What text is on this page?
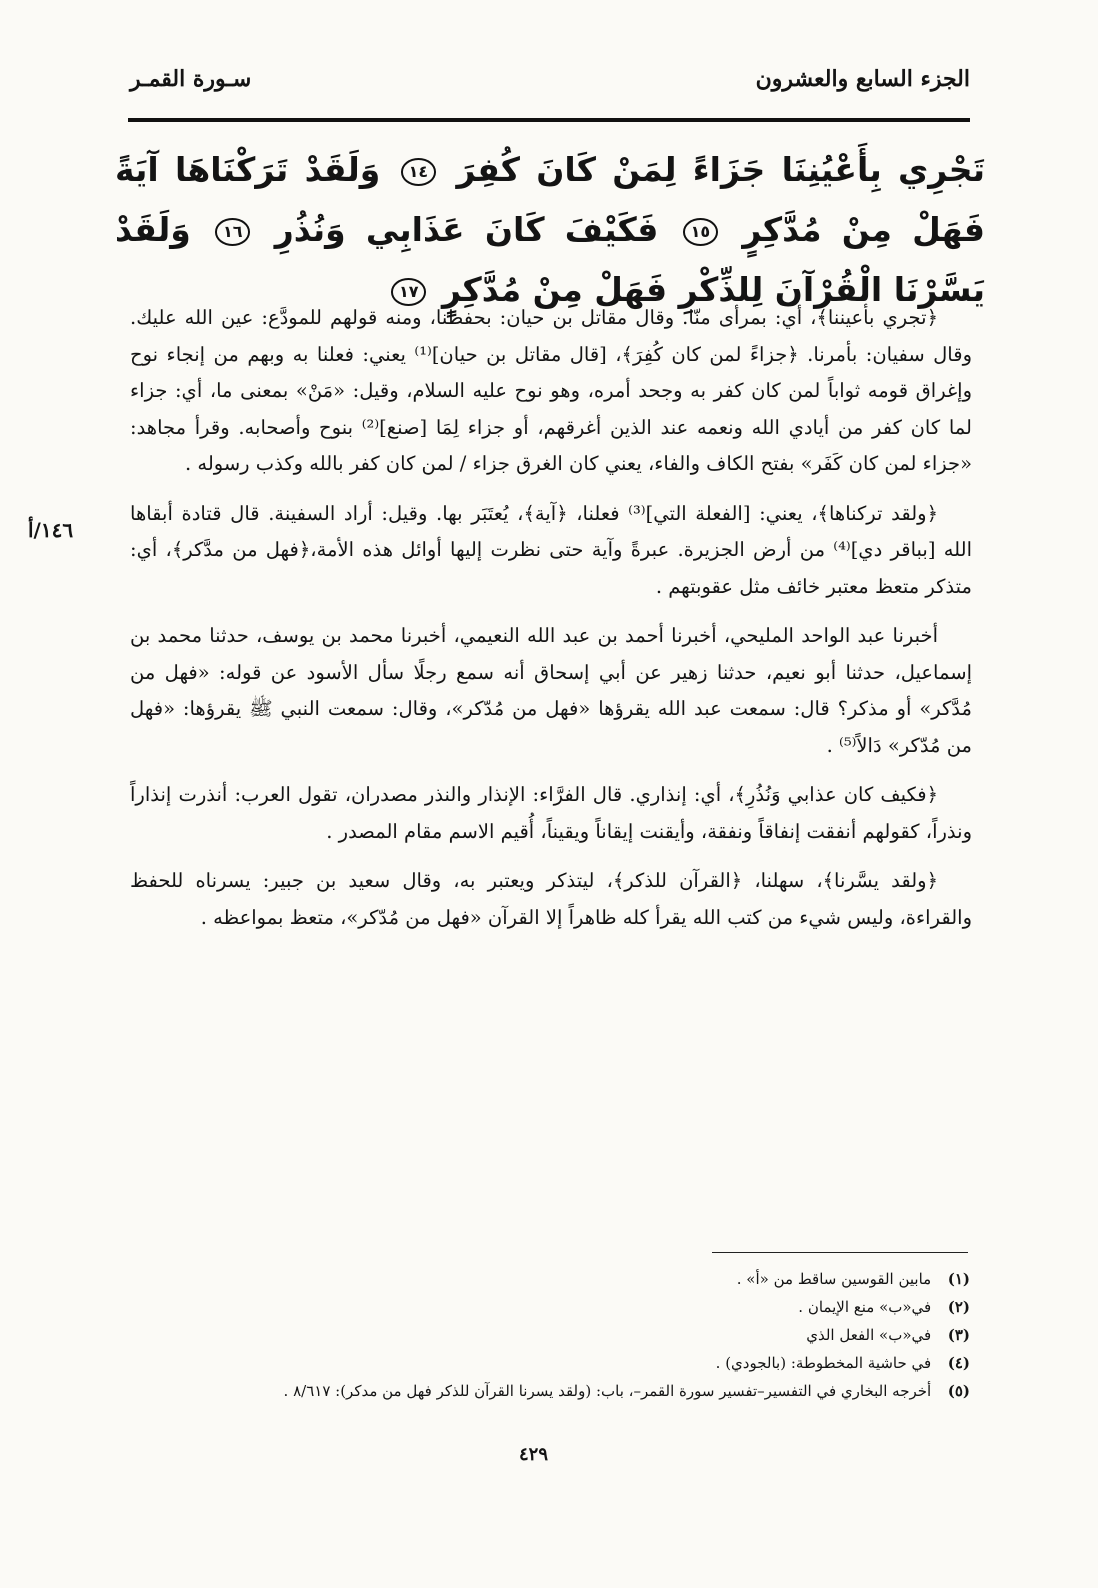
الجزء السابع والعشرون
سـورة القمـر
تَجْرِي بِأَعْيُنِنَا جَزَاءً لِمَنْ كَانَ كُفِرَ ١٤ وَلَقَدْ تَرَكْنَاهَا آيَةً فَهَلْ مِنْ مُدَّكِرٍ ١٥ فَكَيْفَ كَانَ عَذَابِي وَنُذُرِ ١٦ وَلَقَدْ يَسَّرْنَا الْقُرْآنَ لِلذِّكْرِ فَهَلْ مِنْ مُدَّكِرٍ ١٧

﴿تجري بأعيننا﴾، أي: بمرأى منّا. وقال مقاتل بن حيان: بحفظنا، ومنه قولهم للمودَّع: عين الله عليك. وقال سفيان: بأمرنا. ﴿جزاءً لمن كان كُفِرَ﴾، [قال مقاتل بن حيان]⁽¹⁾ يعني: فعلنا به وبهم من إنجاء نوح وإغراق قومه ثواباً لمن كان كفر به وجحد أمره، وهو نوح عليه السلام، وقيل: «مَنْ» بمعنى ما، أي: جزاء لما كان كفر من أيادي الله ونعمه عند الذين أغرقهم، أو جزاء لِمَا [صنع]⁽²⁾ بنوح وأصحابه. وقرأ مجاهد: «جزاء لمن كان كَفَر» بفتح الكاف والفاء، يعني كان الغرق جزاء / لمن كان كفر بالله وكذب رسوله .

﴿ولقد تركناها﴾، يعني: [الفعلة التي]⁽³⁾ فعلنا، ﴿آية﴾، يُعتَبَر بها. وقيل: أراد السفينة. قال قتادة أبقاها الله [بباقر دي]⁽⁴⁾ من أرض الجزيرة. عبرةً وآية حتى نظرت إليها أوائل هذه الأمة،﴿فهل من مدَّكر﴾، أي: متذكر متعظ معتبر خائف مثل عقوبتهم .

أخبرنا عبد الواحد المليحي، أخبرنا أحمد بن عبد الله النعيمي، أخبرنا محمد بن يوسف، حدثنا محمد بن إسماعيل، حدثنا أبو نعيم، حدثنا زهير عن أبي إسحاق أنه سمع رجلًا سأل الأسود عن قوله: «فهل من مُدَّكر» أو مذكر؟ قال: سمعت عبد الله يقرؤها «فهل من مُدّكر»، وقال: سمعت النبي ﷺ يقرؤها: «فهل من مُدّكر» دَالاً⁽⁵⁾ .

﴿فكيف كان عذابي وَنُذُرِ﴾، أي: إنذاري. قال الفرَّاء: الإنذار والنذر مصدران، تقول العرب: أنذرت إنذاراً ونذراً، كقولهم أنفقت إنفاقاً ونفقة، وأيقنت إيقاناً ويقيناً، أُقيم الاسم مقام المصدر .

﴿ولقد يسَّرنا﴾، سهلنا، ﴿القرآن للذكر﴾، ليتذكر ويعتبر به، وقال سعيد بن جبير: يسرناه للحفظ والقراءة، وليس شيء من كتب الله يقرأ كله ظاهراً إلا القرآن «فهل من مُدّكر»، متعظ بمواعظه .

١٤٦/أ
(١) مابين القوسين ساقط من «أ» .
(٢) في«ب» منع الإيمان .
(٣) في«ب» الفعل الذي
(٤) في حاشية المخطوطة: (بالجودي) .
(٥) أخرجه البخاري في التفسير–تفسير سورة القمر–، باب: (ولقد يسرنا القرآن للذكر فهل من مدكر): ٨/٦١٧ .
٤٢٩
